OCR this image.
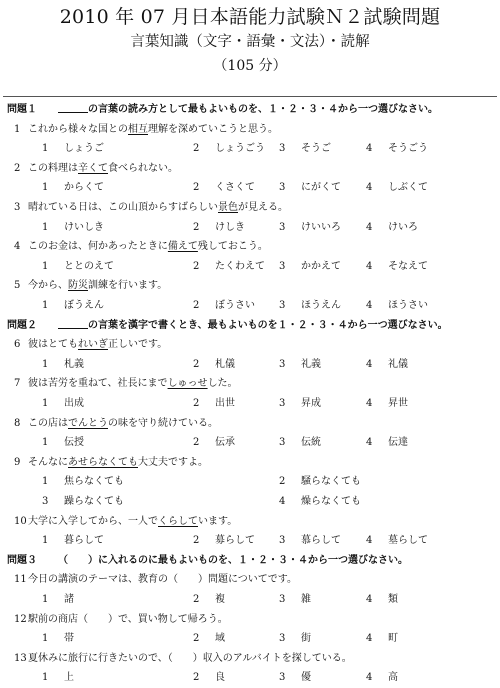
2010 年 07 月日本語能力試験Ｎ２試験問題
言葉知識（文字・語彙・文法）・読解
（105 分）
問題１	の言葉の読み方として最もよいものを、１・２・３・４から一つ選びなさい。
1 これから様々な国との相互理解を深めていこうと思う。
1 しょうご	2 しょうごう 3 そうご	4 そうごう
2 この料理は辛くて食べられない。
1 からくて	2 くさくて 3 にがくて	4 しぶくて
3 晴れている日は、この山頂からすばらしい景色が見える。
1 けいしき	2 けしき	3 けいいろ	4 けいろ
4 このお金は、何かあったときに備えて残しておこう。
1 ととのえて	2 たくわえて 3 かかえて	4 そなえて
5 今から、防災訓練を行います。
1 ぼうえん	2 ぼうさい 3 ほうえん	4 ほうさい
問題２	の言葉を漢字で書くとき、最もよいものを１・２・３・４から一つ選びなさい。
6 彼はとてもれいぎ正しいです。
1 札義	2 札儀	3 礼義	4 礼儀
7 彼は苦労を重ねて、社長にまでしゅっせした。
1 出成	2 出世	3 昇成	4 昇世
8 この店はでんとうの味を守り続けている。
1 伝授	2 伝承	3 伝統	4 伝達
9 そんなにあせらなくても大丈夫ですよ。
1 焦らなくても	2 騒らなくても
3 躁らなくても	4 燥らなくても
10 大学に入学してから、一人でくらしています。
1 暮らして	2 募らして 3 慕らして	4 墓らして
問題３ （　　）に入れるのに最もよいものを、１・２・３・４から一つ選びなさい。
11 今日の講演のテーマは、教育の（　　）問題についてです。
1 諸	2 複	3 雑	4 類
12 駅前の商店（　　）で、買い物して帰ろう。
1 帯	2 域	3 街	4 町
13 夏休みに旅行に行きたいので、（　　）収入のアルバイトを探している。
1 上	2 良	3 優	4 高
